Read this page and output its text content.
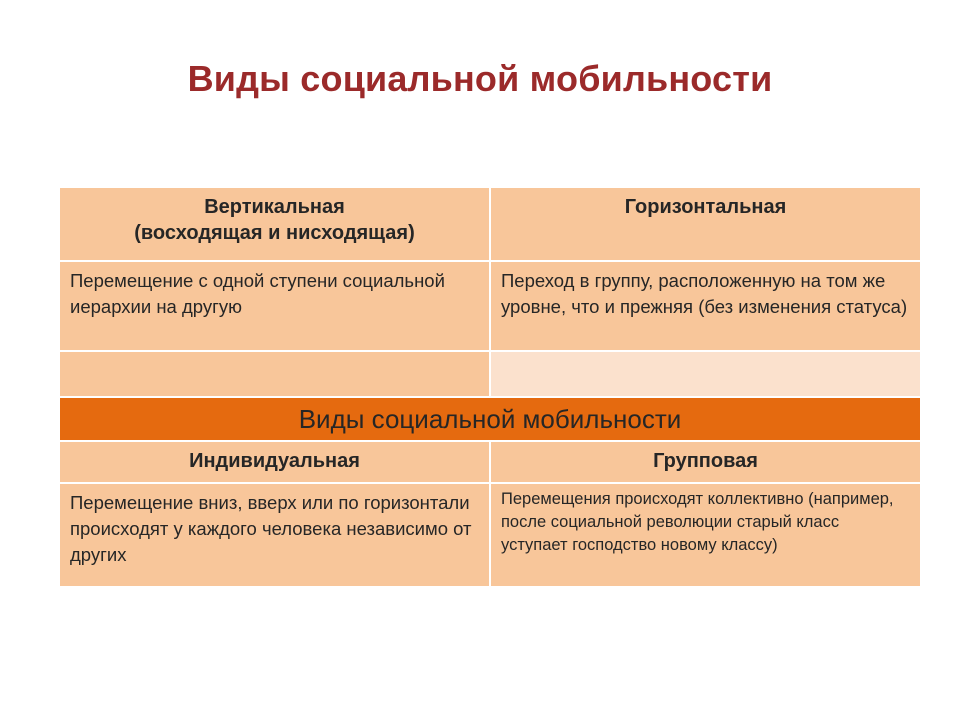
Виды социальной мобильности
Вертикальная
(восходящая и нисходящая)	Горизонтальная

Перемещение с одной ступени социальной иерархии на другую	Переход в группу, расположенную на том же уровне, что и прежняя (без изменения статуса)

Виды социальной мобильности	

Индивидуальная	Групповая

Перемещение вниз, вверх или по горизонтали происходят у каждого человека независимо от других	Перемещения происходят коллективно (например, после социальной революции старый класс уступает господство новому классу)
